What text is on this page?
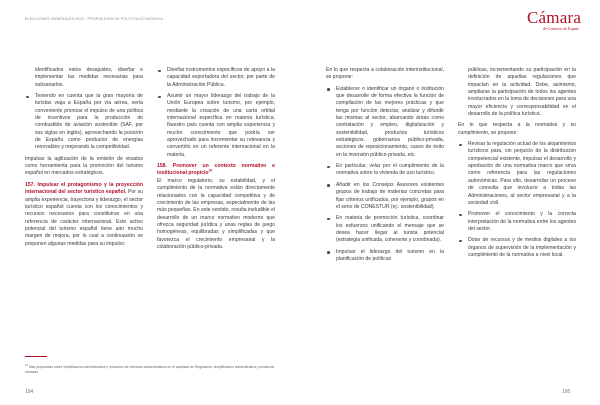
ELECCIONES GENERALES 2023 · PROPUESTAS DE POLÍTICA ECONÓMICA	Cámara
de Comercio de España
identificados estos desajustes, diseñar e implementar las medidas necesarias para subsanarlos.
Teniendo en cuenta que la gran mayoría de turistas viaja a España por vía aérea, sería conveniente priorizar el impulso de una política de incentivos para la producción de combustible de aviación sostenible (SAF, por sus siglas en inglés), aprovechando la posición de España como productor de energías renovables y mejorando la competitividad.

Impulsar la agilización de la emisión de visados como herramienta para la promoción del turismo español en mercados estratégicos.

157. Impulsar el protagonismo y la proyección internacional del sector turístico español. Por su amplia experiencia, trayectoria y liderazgo, el sector turístico español cuenta con los conocimientos y recursos necesarios para constituirse en una referencia de carácter internacional. Este activo potencial del turismo español tiene aún mucho margen de mejora, por lo cual a continuación se proponen algunas medidas para su impulso:

Diseñar instrumentos específicos de apoyo a la capacidad exportadora del sector, por parte de la Administración Pública.
Asumir un mayor liderazgo del trabajo de la Unión Europea sobre turismo, por ejemplo, mediante la creación de una carta orbital internacional específica en materia turística. Nuestro país cuenta con amplia experiencia y mucho conocimiento que podría ser aprovechado para incrementar su relevancia y convertirlo en un referente internacional en la materia.

158. Promover un contexto normativo e institucional propicio$^{10}$

El marco regulatorio, su estabilidad, y el cumplimiento de la normativa están directamente relacionados con la capacidad competitiva y de crecimiento de las empresas, especialmente de las más pequeñas. En este sentido, resulta ineludible el desarrollo de un marco normativo moderno que ofrezca seguridad jurídica y unas reglas de juego homogéneas, equilibradas y simplificadas y que favorezca el crecimiento empresarial y la colaboración público-privada.

En lo que respecta a colaboración interinstitucional, se propone:

Establecer o identificar un órgano o institución que desarrolle de forma efectiva la función de compilación de las mejores prácticas y que tenga por función detectar, analizar y difundir las mismas al sector, abarcando áreas como contratación y empleo, digitalización y sostenibilidad, productos turísticos estratégicos, gobernanza público-privada, acciones de reposicionamiento, casos de éxito en la inversión público-privada, etc.
En particular, velar por el cumplimiento de la normativa sobre la vivienda de uso turístico.
Añadir en los Consejos Asesores existentes grupos de trabajo de materias concretas para fijar criterios unificados, por ejemplo, grupos en el seno de CONESTUR (ej.: sostenibilidad).
En materia de promoción turística, coordinar los esfuerzos unificando el mensaje que se desea hacer llegar al turista potencial (estrategia unificada, coherente y coordinada).
Impulsar el liderazgo del turismo en la planificación de políticas
públicas, incrementando su participación en la definición de aquellas regulaciones que impactan en la actividad. Debe, asimismo, ampliarse la participación de todos los agentes involucrados en la toma de decisiones para una mayor eficiencia y corresponsabilidad en el desarrollo de la política turística.

En lo que respecta a la normativa y su cumplimiento, se propone:

Revisar la regulación actual de los alojamientos turísticos para, sin perjuicio de la distribución competencial existente, impulsar el desarrollo y aprobación de una normativa marco que sirva como referencia para las regulaciones autonómicas. Para ello, desarrollar un proceso de consulta que involucre a todas las Administraciones, al sector empresarial y a la sociedad civil.
Promover el conocimiento y la correcta interpretación de la normativa entre los agentes del sector.
Dotar de recursos y de medios digitales a los órganos de supervisión de la implementación y cumplimiento de la normativa a nivel local.
$^{10}$ Más propuestas sobre simplificación administrativa y reducción de intereses administrativos en el apartado de Regulación, simplificación administrativa y unidad de mercado.
194	195
